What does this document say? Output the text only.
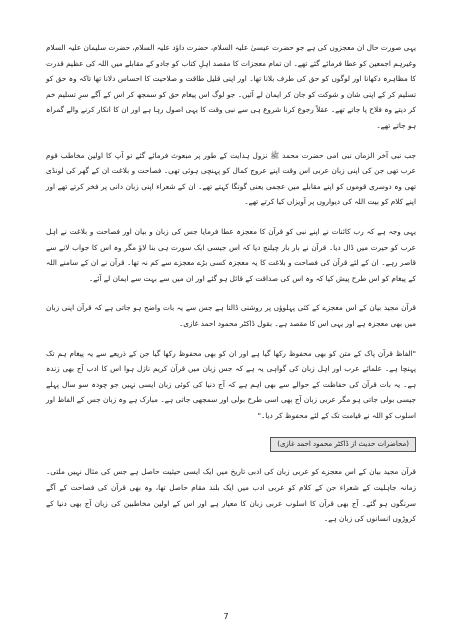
یہی صورت حال ان معجزوں کی ہے جو حضرت عیسیٰ علیہ السلام، حضرت داؤد علیہ السلام، حضرت سلیمان علیہ السلام وغیرہم اجمعین کو عطا فرمائے گئے تھے۔ ان تمام معجزات کا مقصد اہلِ کتاب کو جادو کے مقابلے میں اللہ کی عظیم قدرت کا مظاہرہ دکھانا اور لوگوں کو حق کی طرف بلانا تھا۔ اور اپنی قلیل طاقت و صلاحیت کا احساس دلانا تھا تاکہ وہ حق کو تسلیم کر کے اپنی شان و شوکت کو جان کر ایمان لے آئیں۔ جو لوگ اس پیغام حق کو سمجھ کر اس کے آگے سرِ تسلیم خم کر دیتے وہ فلاح پا جاتے تھے۔ عقلاً رجوع کرنا شروع ہی سے نبی وقت کا یہی اصول رہا ہے اور ان کا انکار کرنے والے گمراہ ہو جاتے تھے۔

جب نبی آخر الزماں نبی امی حضرت محمد ﷺ نزول ہدایت کے طور پر مبعوث فرمائے گئے تو آپ کا اولین مخاطب قوم عرب تھی جن کی اپنی زبان عربی اس وقت اپنے عروج کمال کو پہنچی ہوئی تھی۔ فصاحت و بلاغت ان کے گھر کی لونڈی تھی وہ دوسری قوموں کو اپنے مقابلے میں عجمی یعنی گونگا کہتے تھے۔ ان کے شعراء اپنی زبان دانی پر فخر کرتے تھے اور اپنے کلام کو بیت اللہ کی دیواروں پر آویزاں کیا کرتے تھے۔

یہی وجہ ہے کہ رب کائنات نے اپنے نبی کو قرآن کا معجزہ عطا فرمایا جس کی زبان و بیان اور فصاحت و بلاغت نے اہل عرب کو حیرت میں ڈال دیا۔ قرآن نے بار بار چیلنج دیا کہ اس جیسی ایک سورت ہی بنا لاؤ مگر وہ اس کا جواب لانے سے قاصر رہے۔ ان کے لئے قرآن کی فصاحت و بلاغت کا یہ معجزہ کسی بڑے معجزے سے کم نہ تھا۔ قرآن نے ان کے سامنے اللہ کے پیغام کو اس طرح پیش کیا کہ وہ اس کی صداقت کے قائل ہو گئے اور ان میں سے بہت سے ایمان لے آئے۔

قرآن مجید بیان کے اس معجزے کے کئی پہلوؤں پر روشنی ڈالتا ہے جس سے یہ بات واضح ہو جاتی ہے کہ قرآن اپنی زبان میں بھی معجزہ ہے اور یہی اس کا مقصد ہے۔ بقول ڈاکٹر محمود احمد غازی۔

"الفاظ قرآن پاک کے متن کو بھی محفوظ رکھا گیا ہے اور ان کو بھی محفوظ رکھا گیا جن کے ذریعے سے یہ پیغام ہم تک پہنچا ہے۔ علمائے عرب اور اہل زبان کی گواہی یہ ہے کہ جس زبان میں قرآن کریم نازل ہوا اس کا ادب آج بھی زندہ ہے۔ یہ بات قرآن کی حفاظت کے حوالے سے بھی اہم ہے کہ آج دنیا کی کوئی زبان ایسی نہیں جو چودہ سو سال پہلے جیسی بولی جاتی ہو مگر عربی زبان آج بھی اسی طرح بولی اور سمجھی جاتی ہے۔ مبارک ہے وہ زبان جس کے الفاظ اور اسلوب کو اللہ نے قیامت تک کے لئے محفوظ کر دیا۔"

(محاضرات حدیث از ڈاکٹر محمود احمد غازی)

قرآن مجید بیان کے اس معجزے کو عربی زبان کی ادبی تاریخ میں ایک ایسی حیثیت حاصل ہے جس کی مثال نہیں ملتی۔ زمانہ جاہلیت کے شعراء جن کے کلام کو عربی ادب میں ایک بلند مقام حاصل تھا، وہ بھی قرآن کی فصاحت کے آگے سرنگوں ہو گئے۔ آج بھی قرآن کا اسلوب عربی زبان کا معیار ہے اور اس کے اولین مخاطبین کی زبان آج بھی دنیا کے کروڑوں انسانوں کی زبان ہے۔

7
